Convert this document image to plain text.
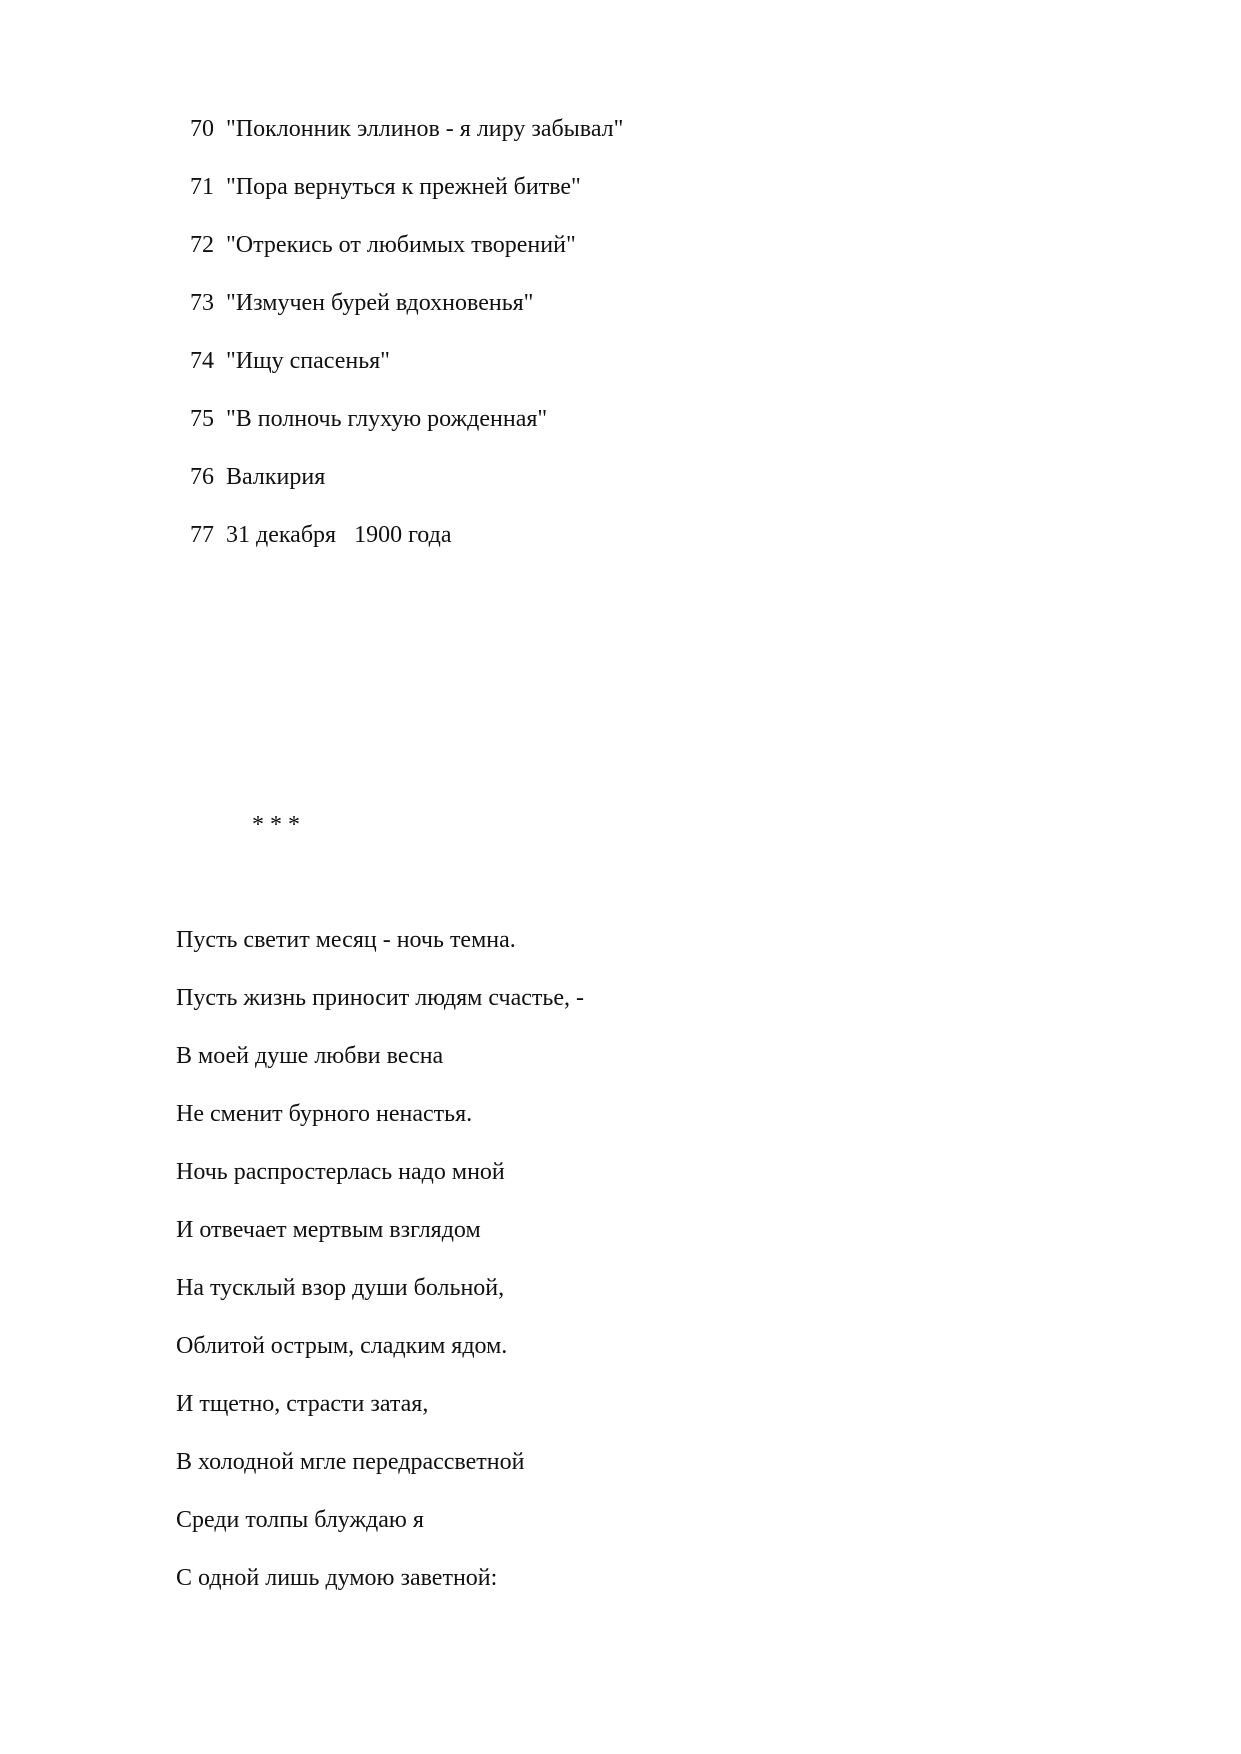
70 "Поклонник эллинов - я лиру забывал"
71 "Пора вернуться к прежней битве"
72 "Отрекись от любимых творений"
73 "Измучен бурей вдохновенья"
74 "Ищу спасенья"
75 "В полночь глухую рожденная"
76 Валкирия
77 31 декабря   1900 года
* * *
Пусть светит месяц - ночь темна.
Пусть жизнь приносит людям счастье, -
В моей душе любви весна
Не сменит бурного ненастья.
Ночь распростерлась надо мной
И отвечает мертвым взглядом
На тусклый взор души больной,
Облитой острым, сладким ядом.
И тщетно, страсти затая,
В холодной мгле передрассветной
Среди толпы блуждаю я
С одной лишь думою заветной:
